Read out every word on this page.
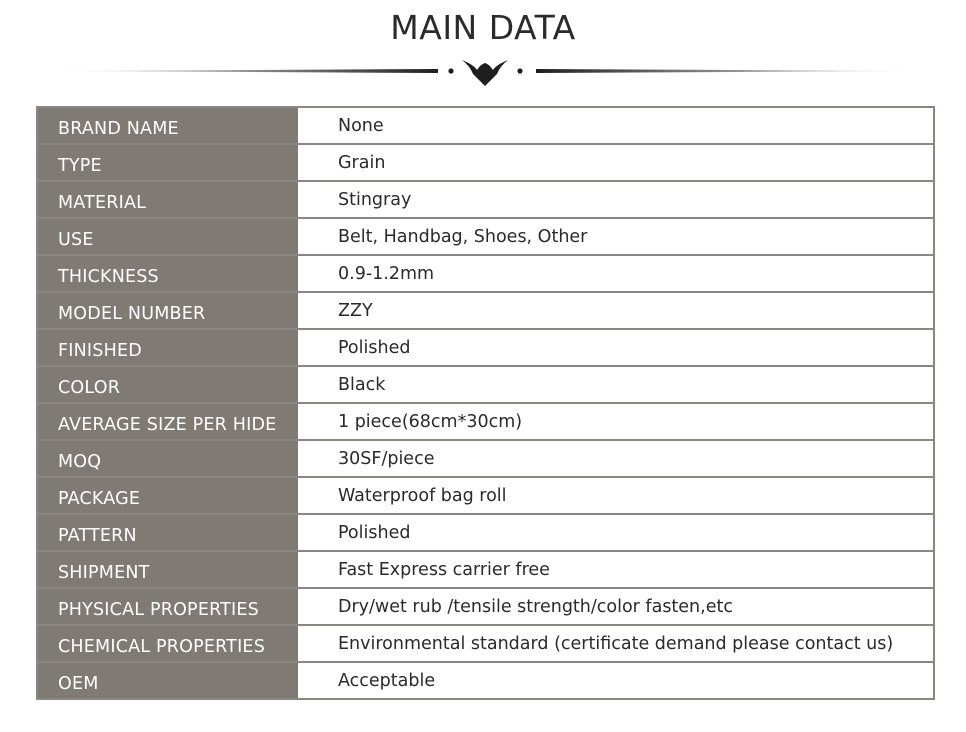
MAIN DATA
BRAND NAME	None
TYPE	Grain
MATERIAL	Stingray
USE	Belt, Handbag, Shoes, Other
THICKNESS	0.9-1.2mm
MODEL NUMBER	ZZY
FINISHED	Polished
COLOR	Black
AVERAGE SIZE PER HIDE	1 piece(68cm*30cm)
MOQ	30SF/piece
PACKAGE	Waterproof bag roll
PATTERN	Polished
SHIPMENT	Fast Express carrier free
PHYSICAL PROPERTIES	Dry/wet rub /tensile strength/color fasten,etc
CHEMICAL PROPERTIES	Environmental standard (certificate demand please contact us)
OEM	Acceptable
